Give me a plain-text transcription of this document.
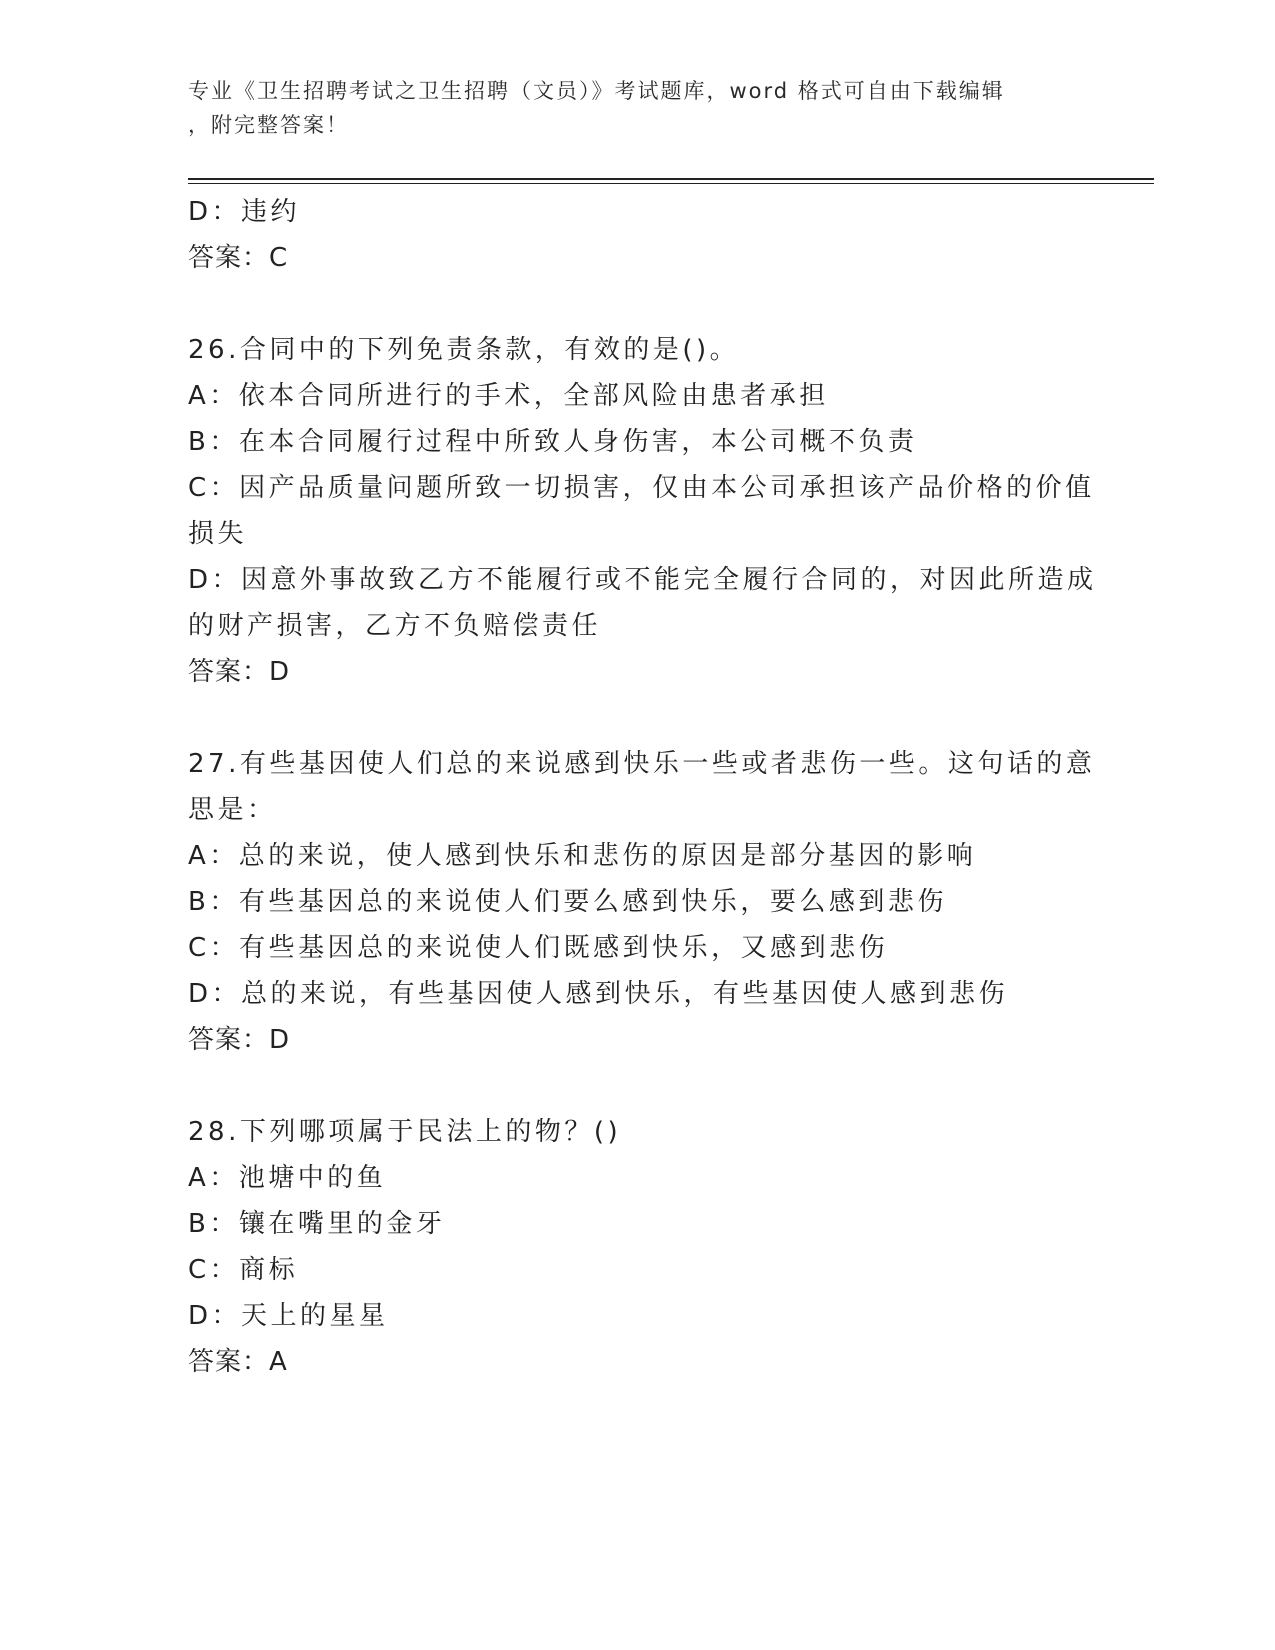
专业《卫生招聘考试之卫生招聘（文员）》考试题库，word 格式可自由下载编辑
，附完整答案！
D：违约
答案：C
26.合同中的下列免责条款，有效的是()。
A：依本合同所进行的手术，全部风险由患者承担
B：在本合同履行过程中所致人身伤害，本公司概不负责
C：因产品质量问题所致一切损害，仅由本公司承担该产品价格的价值
损失
D：因意外事故致乙方不能履行或不能完全履行合同的，对因此所造成
的财产损害，乙方不负赔偿责任
答案：D
27.有些基因使人们总的来说感到快乐一些或者悲伤一些。这句话的意
思是：
A：总的来说，使人感到快乐和悲伤的原因是部分基因的影响
B：有些基因总的来说使人们要么感到快乐，要么感到悲伤
C：有些基因总的来说使人们既感到快乐，又感到悲伤
D：总的来说，有些基因使人感到快乐，有些基因使人感到悲伤
答案：D
28.下列哪项属于民法上的物？()
A：池塘中的鱼
B：镶在嘴里的金牙
C：商标
D：天上的星星
答案：A
